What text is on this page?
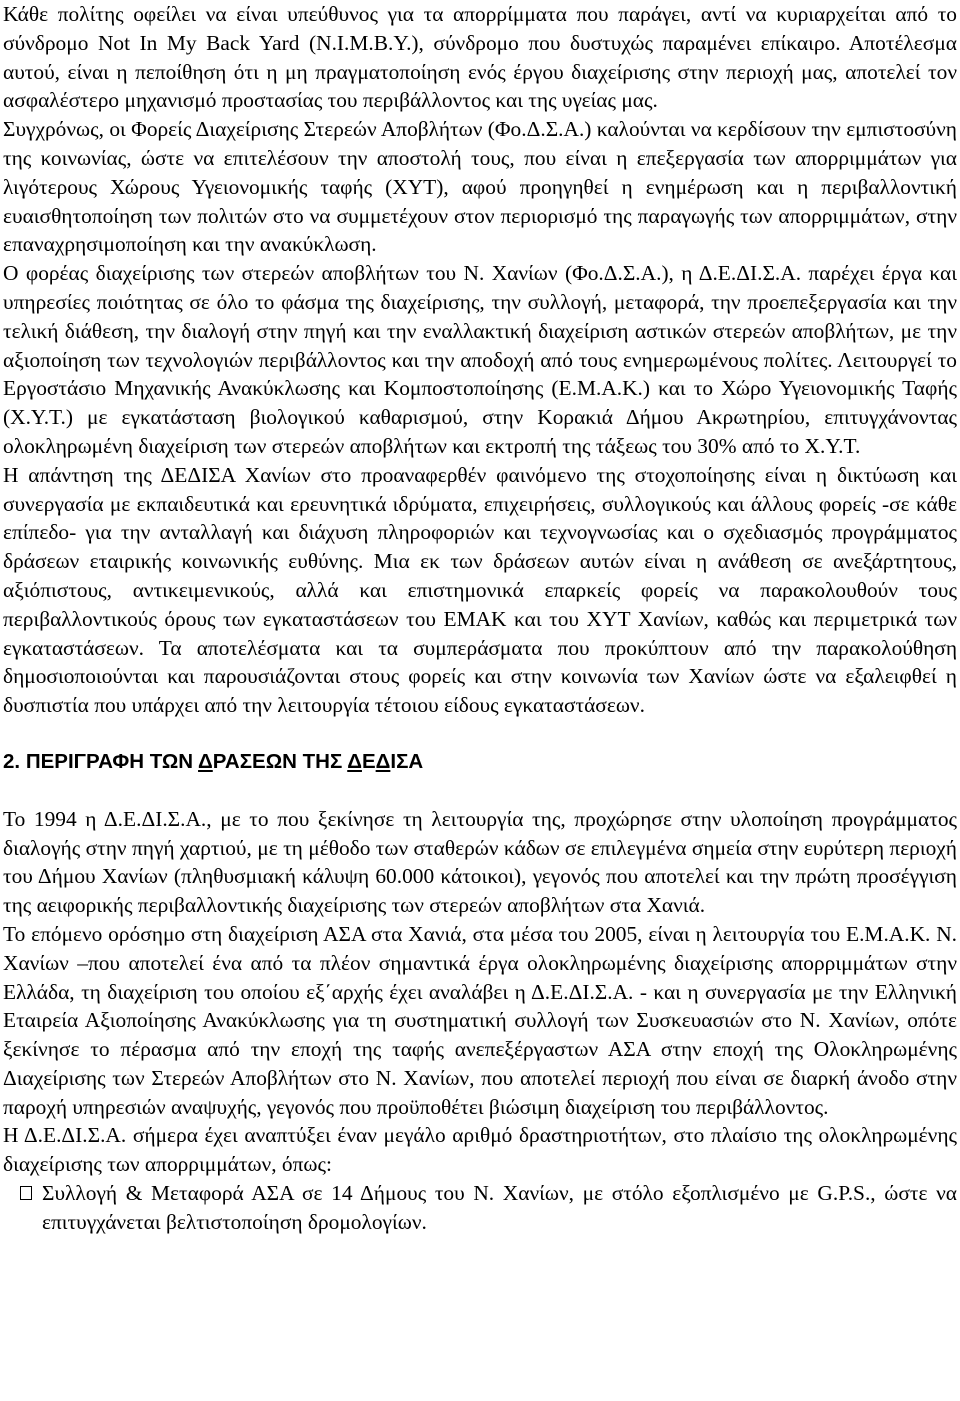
Κάθε πολίτης οφείλει να είναι υπεύθυνος για τα απορρίμματα που παράγει, αντί να κυριαρχείται από το σύνδρομο Not In My Back Yard (N.I.M.B.Y.), σύνδρομο που δυστυχώς παραμένει επίκαιρο. Αποτέλεσμα αυτού, είναι η πεποίθηση ότι η μη πραγματοποίηση ενός έργου διαχείρισης στην περιοχή μας, αποτελεί τον ασφαλέστερο μηχανισμό προστασίας του περιβάλλοντος και της υγείας μας.

Συγχρόνως, οι Φορείς Διαχείρισης Στερεών Αποβλήτων (Φο.Δ.Σ.Α.) καλούνται να κερδίσουν την εμπιστοσύνη της κοινωνίας, ώστε να επιτελέσουν την αποστολή τους, που είναι η επεξεργασία των απορριμμάτων για λιγότερους Χώρους Υγειονομικής ταφής (ΧΥΤ), αφού προηγηθεί η ενημέρωση και η περιβαλλοντική ευαισθητοποίηση των πολιτών στο να συμμετέχουν στον περιορισμό της παραγωγής των απορριμμάτων, στην επαναχρησιμοποίηση και την ανακύκλωση.

Ο φορέας διαχείρισης των στερεών αποβλήτων του Ν. Χανίων (Φο.Δ.Σ.Α.), η Δ.Ε.ΔΙ.Σ.Α. παρέχει έργα και υπηρεσίες ποιότητας σε όλο το φάσμα της διαχείρισης, την συλλογή, μεταφορά, την προεπεξεργασία και την τελική διάθεση, την διαλογή στην πηγή και την εναλλακτική διαχείριση αστικών στερεών αποβλήτων, με την αξιοποίηση των τεχνολογιών περιβάλλοντος και την αποδοχή από τους ενημερωμένους πολίτες. Λειτουργεί το Εργοστάσιο Μηχανικής Ανακύκλωσης και Κομποστοποίησης (Ε.Μ.Α.Κ.) και το Χώρο Υγειονομικής Ταφής (Χ.Υ.Τ.) με εγκατάσταση βιολογικού καθαρισμού, στην Κορακιά Δήμου Ακρωτηρίου, επιτυγχάνοντας ολοκληρωμένη διαχείριση των στερεών αποβλήτων και εκτροπή της τάξεως του 30% από το Χ.Υ.Τ.

Η απάντηση της ΔΕΔΙΣΑ Χανίων στο προαναφερθέν φαινόμενο της στοχοποίησης είναι η δικτύωση και συνεργασία με εκπαιδευτικά και ερευνητικά ιδρύματα, επιχειρήσεις, συλλογικούς και άλλους φορείς -σε κάθε επίπεδο- για την ανταλλαγή και διάχυση πληροφοριών και τεχνογνωσίας και ο σχεδιασμός προγράμματος δράσεων εταιρικής κοινωνικής ευθύνης. Μια εκ των δράσεων αυτών είναι η ανάθεση σε ανεξάρτητους, αξιόπιστους, αντικειμενικούς, αλλά και επιστημονικά επαρκείς φορείς να παρακολουθούν τους περιβαλλοντικούς όρους των εγκαταστάσεων του ΕΜΑΚ και του ΧΥΤ Χανίων, καθώς και περιμετρικά των εγκαταστάσεων. Τα αποτελέσματα και τα συμπεράσματα που προκύπτουν από την παρακολούθηση δημοσιοποιούνται και παρουσιάζονται στους φορείς και στην κοινωνία των Χανίων ώστε να εξαλειφθεί η δυσπιστία που υπάρχει από την λειτουργία τέτοιου είδους εγκαταστάσεων.

2. ΠΕΡΙΓΡΑΦΗ ΤΩΝ ΔΡΑΣΕΩΝ ΤΗΣ ΔΕΔΙΣΑ

Το 1994 η Δ.Ε.ΔΙ.Σ.Α., με το που ξεκίνησε τη λειτουργία της, προχώρησε στην υλοποίηση προγράμματος διαλογής στην πηγή χαρτιού, με τη μέθοδο των σταθερών κάδων σε επιλεγμένα σημεία στην ευρύτερη περιοχή του Δήμου Χανίων (πληθυσμιακή κάλυψη 60.000 κάτοικοι), γεγονός που αποτελεί και την πρώτη προσέγγιση της αειφορικής περιβαλλοντικής διαχείρισης των στερεών αποβλήτων στα Χανιά.

Το επόμενο ορόσημο στη διαχείριση ΑΣΑ στα Χανιά, στα μέσα του 2005, είναι η λειτουργία του Ε.Μ.Α.Κ. Ν. Χανίων –που αποτελεί ένα από τα πλέον σημαντικά έργα ολοκληρωμένης διαχείρισης απορριμμάτων στην Ελλάδα, τη διαχείριση του οποίου εξ΄αρχής έχει αναλάβει η Δ.Ε.ΔΙ.Σ.Α. - και η συνεργασία με την Ελληνική Εταιρεία Αξιοποίησης Ανακύκλωσης για τη συστηματική συλλογή των Συσκευασιών στο Ν. Χανίων, οπότε ξεκίνησε το πέρασμα από την εποχή της ταφής ανεπεξέργαστων ΑΣΑ στην εποχή της Ολοκληρωμένης Διαχείρισης των Στερεών Αποβλήτων στο Ν. Χανίων, που αποτελεί περιοχή που είναι σε διαρκή άνοδο στην παροχή υπηρεσιών αναψυχής, γεγονός που προϋποθέτει βιώσιμη διαχείριση του περιβάλλοντος.

Η Δ.Ε.ΔΙ.Σ.Α. σήμερα έχει αναπτύξει έναν μεγάλο αριθμό δραστηριοτήτων, στο πλαίσιο της ολοκληρωμένης διαχείρισης των απορριμμάτων, όπως:

Συλλογή & Μεταφορά ΑΣΑ σε 14 Δήμους του Ν. Χανίων, με στόλο εξοπλισμένο με G.P.S., ώστε να επιτυγχάνεται βελτιστοποίηση δρομολογίων.
